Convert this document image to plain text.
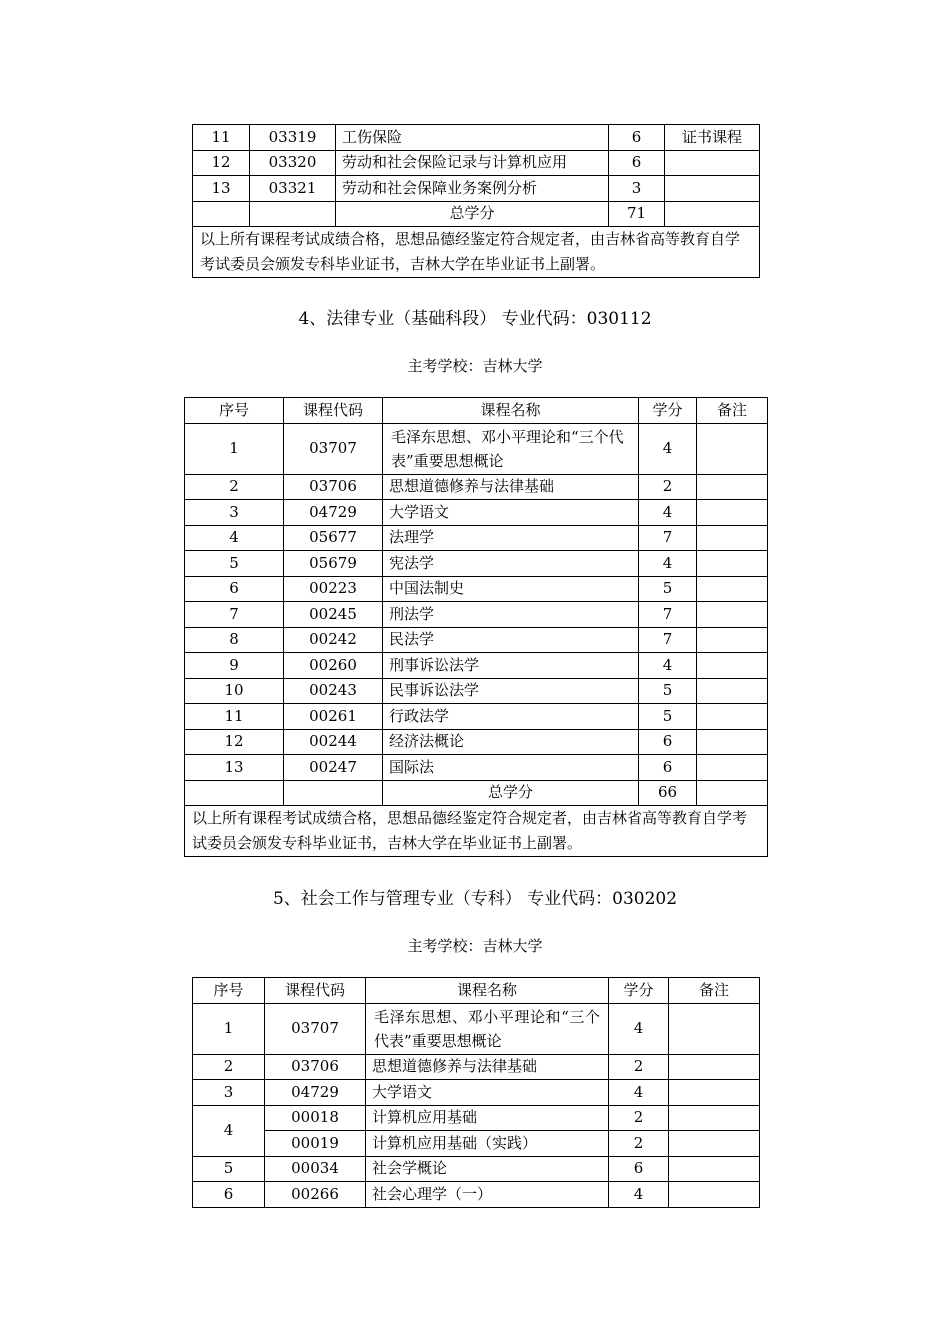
11	03319	工伤保险	6	证书课程
12	03320	劳动和社会保险记录与计算机应用	6	
13	03321	劳动和社会保障业务案例分析	3	
		总学分	71	
以上所有课程考试成绩合格，思想品德经鉴定符合规定者，由吉林省高等教育自学考试委员会颁发专科毕业证书，吉林大学在毕业证书上副署。				
4、法律专业（基础科段） 专业代码：030112
主考学校：吉林大学
序号	课程代码	课程名称	学分	备注
1	03707	毛泽东思想、邓小平理论和“三个代表”重要思想概论	4	
2	03706	思想道德修养与法律基础	2	
3	04729	大学语文	4	
4	05677	法理学	7	
5	05679	宪法学	4	
6	00223	中国法制史	5	
7	00245	刑法学	7	
8	00242	民法学	7	
9	00260	刑事诉讼法学	4	
10	00243	民事诉讼法学	5	
11	00261	行政法学	5	
12	00244	经济法概论	6	
13	00247	国际法	6	
		总学分	66	
以上所有课程考试成绩合格，思想品德经鉴定符合规定者，由吉林省高等教育自学考试委员会颁发专科毕业证书，吉林大学在毕业证书上副署。				
5、社会工作与管理专业（专科） 专业代码：030202
主考学校：吉林大学
序号	课程代码	课程名称	学分	备注
1	03707	毛泽东思想、邓小平理论和“三个代表”重要思想概论	4	
2	03706	思想道德修养与法律基础	2	
3	04729	大学语文	4	
4	00018	计算机应用基础	2	
	00019	计算机应用基础（实践）	2	
5	00034	社会学概论	6	
6	00266	社会心理学（一）	4	
